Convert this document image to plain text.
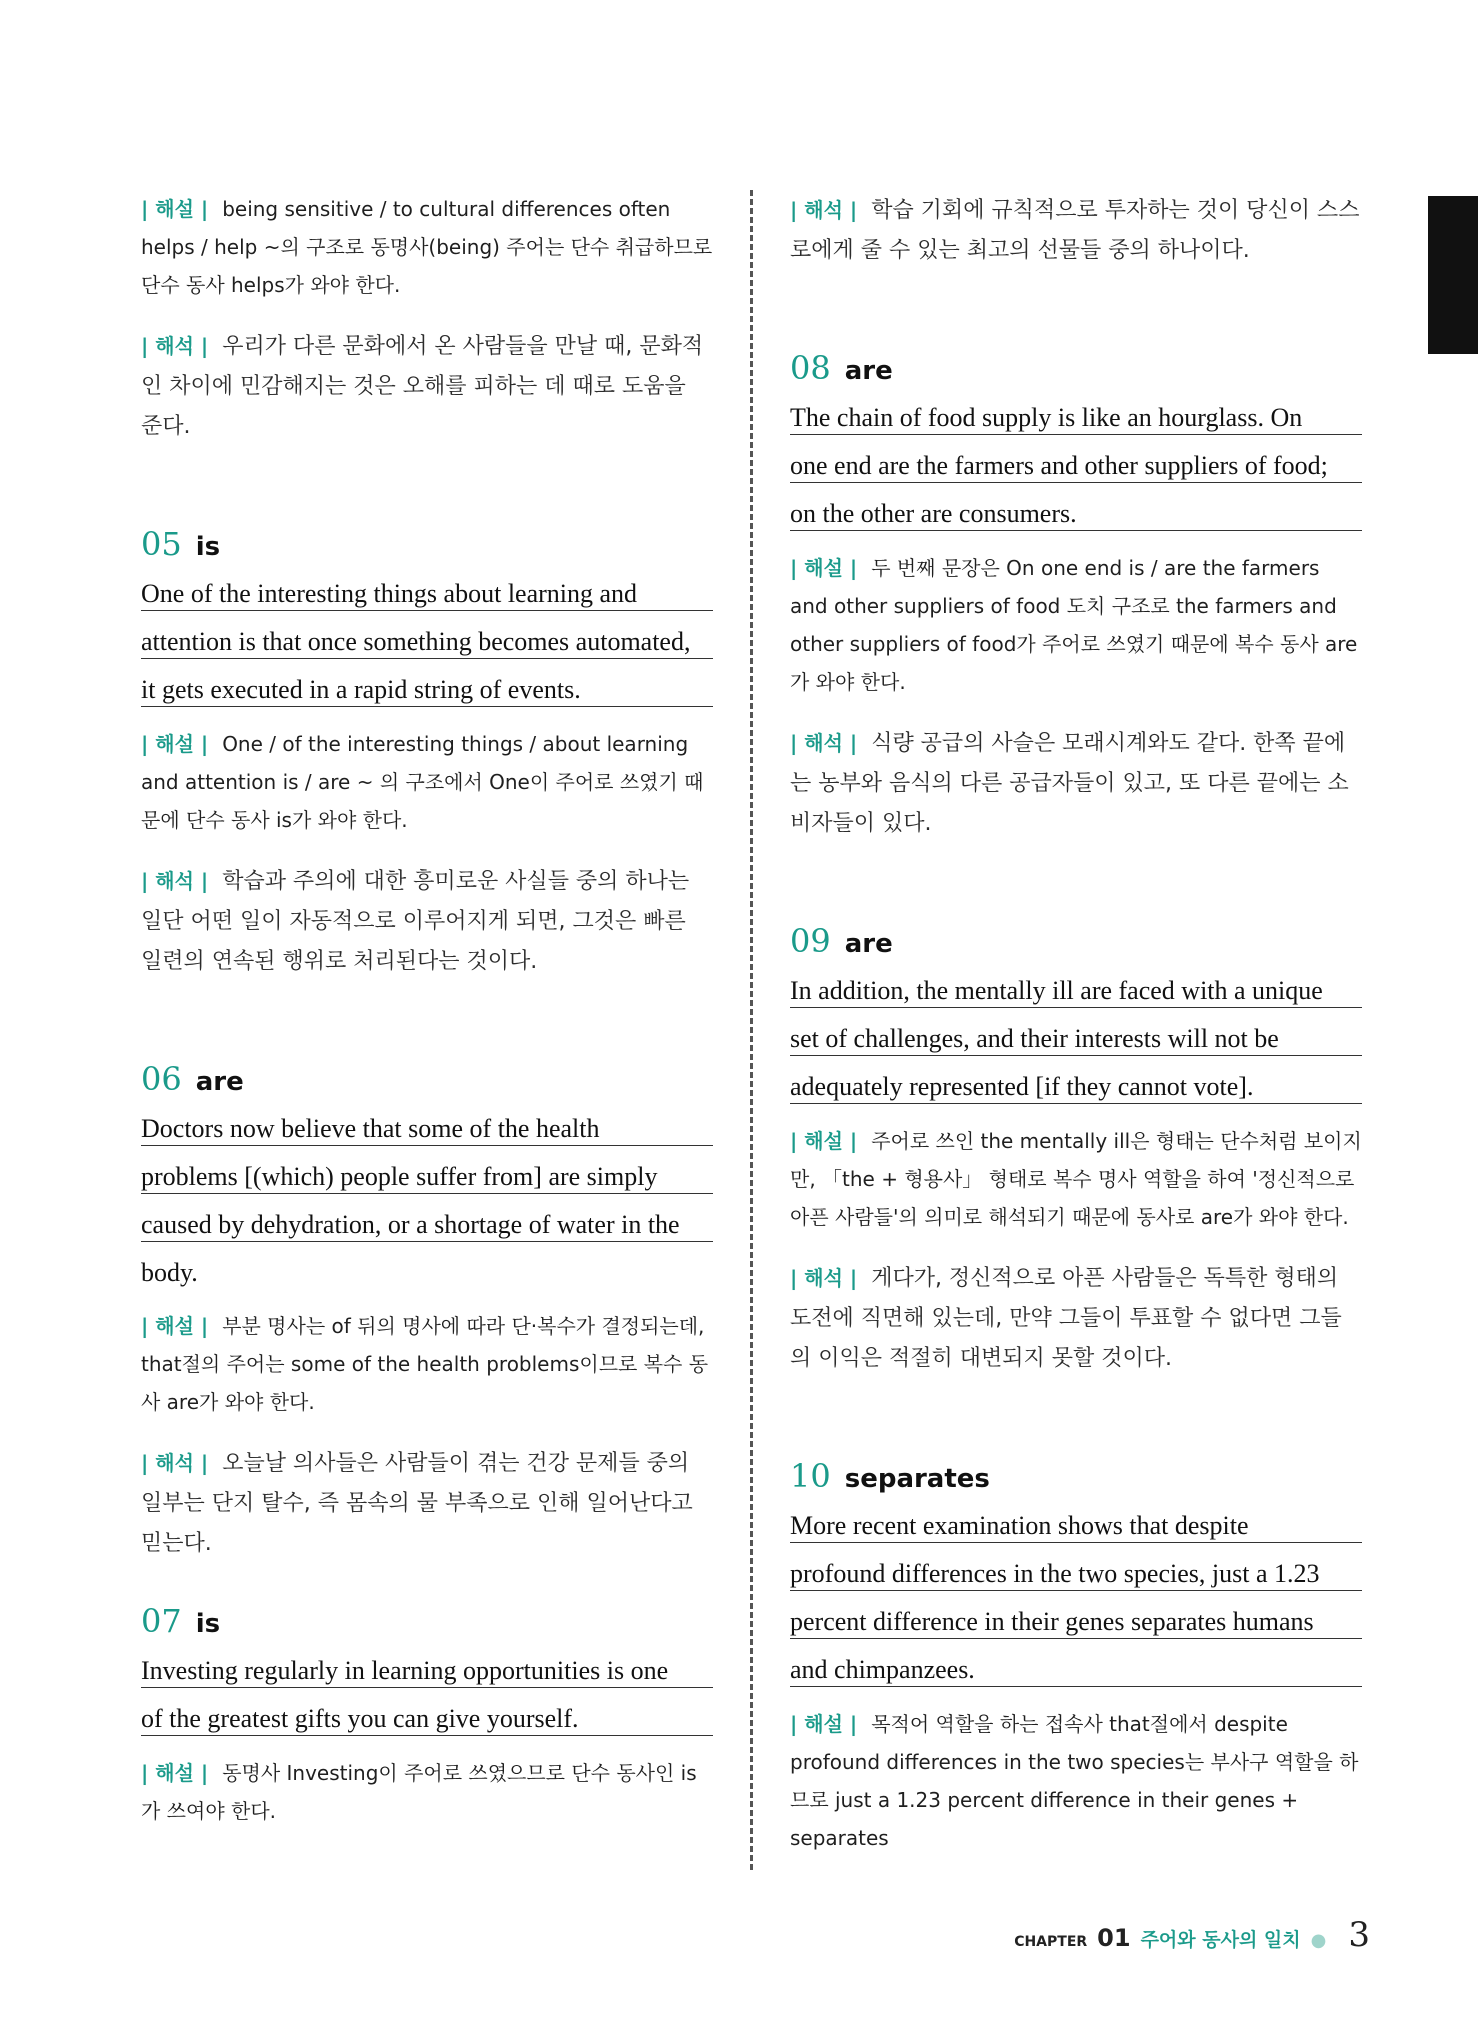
| 해설 | being sensitive / to cultural differences often helps / help ~의 구조로 동명사(being) 주어는 단수 취급하므로 단수 동사 helps가 와야 한다.

| 해석 | 우리가 다른 문화에서 온 사람들을 만날 때, 문화적인 차이에 민감해지는 것은 오해를 피하는 데 때로 도움을 준다.

05 is
One of the interesting things about learning and
attention is that once something becomes automated,
it gets executed in a rapid string of events.

| 해설 | One / of the interesting things / about learning and attention is / are ~ 의 구조에서 One이 주어로 쓰였기 때문에 단수 동사 is가 와야 한다.

| 해석 | 학습과 주의에 대한 흥미로운 사실들 중의 하나는 일단 어떤 일이 자동적으로 이루어지게 되면, 그것은 빠른 일련의 연속된 행위로 처리된다는 것이다.

06 are
Doctors now believe that some of the health
problems [(which) people suffer from] are simply
caused by dehydration, or a shortage of water in the
body.

| 해설 | 부분 명사는 of 뒤의 명사에 따라 단·복수가 결정되는데, that절의 주어는 some of the health problems이므로 복수 동사 are가 와야 한다.

| 해석 | 오늘날 의사들은 사람들이 겪는 건강 문제들 중의 일부는 단지 탈수, 즉 몸속의 물 부족으로 인해 일어난다고 믿는다.

07 is
Investing regularly in learning opportunities is one
of the greatest gifts you can give yourself.

| 해설 | 동명사 Investing이 주어로 쓰였으므로 단수 동사인 is가 쓰여야 한다.

| 해석 | 학습 기회에 규칙적으로 투자하는 것이 당신이 스스로에게 줄 수 있는 최고의 선물들 중의 하나이다.

08 are
The chain of food supply is like an hourglass. On
one end are the farmers and other suppliers of food;
on the other are consumers.

| 해설 | 두 번째 문장은 On one end is / are the farmers and other suppliers of food 도치 구조로 the farmers and other suppliers of food가 주어로 쓰였기 때문에 복수 동사 are가 와야 한다.

| 해석 | 식량 공급의 사슬은 모래시계와도 같다. 한쪽 끝에는 농부와 음식의 다른 공급자들이 있고, 또 다른 끝에는 소비자들이 있다.

09 are
In addition, the mentally ill are faced with a unique
set of challenges, and their interests will not be
adequately represented [if they cannot vote].

| 해설 | 주어로 쓰인 the mentally ill은 형태는 단수처럼 보이지만, 「the + 형용사」 형태로 복수 명사 역할을 하여 '정신적으로 아픈 사람들'의 의미로 해석되기 때문에 동사로 are가 와야 한다.

| 해석 | 게다가, 정신적으로 아픈 사람들은 독특한 형태의 도전에 직면해 있는데, 만약 그들이 투표할 수 없다면 그들의 이익은 적절히 대변되지 못할 것이다.

10 separates
More recent examination shows that despite
profound differences in the two species, just a 1.23
percent difference in their genes separates humans
and chimpanzees.

| 해설 | 목적어 역할을 하는 접속사 that절에서 despite profound differences in the two species는 부사구 역할을 하므로 just a 1.23 percent difference in their genes + separates

CHAPTER 01 주어와 동사의 일치 ● 3
